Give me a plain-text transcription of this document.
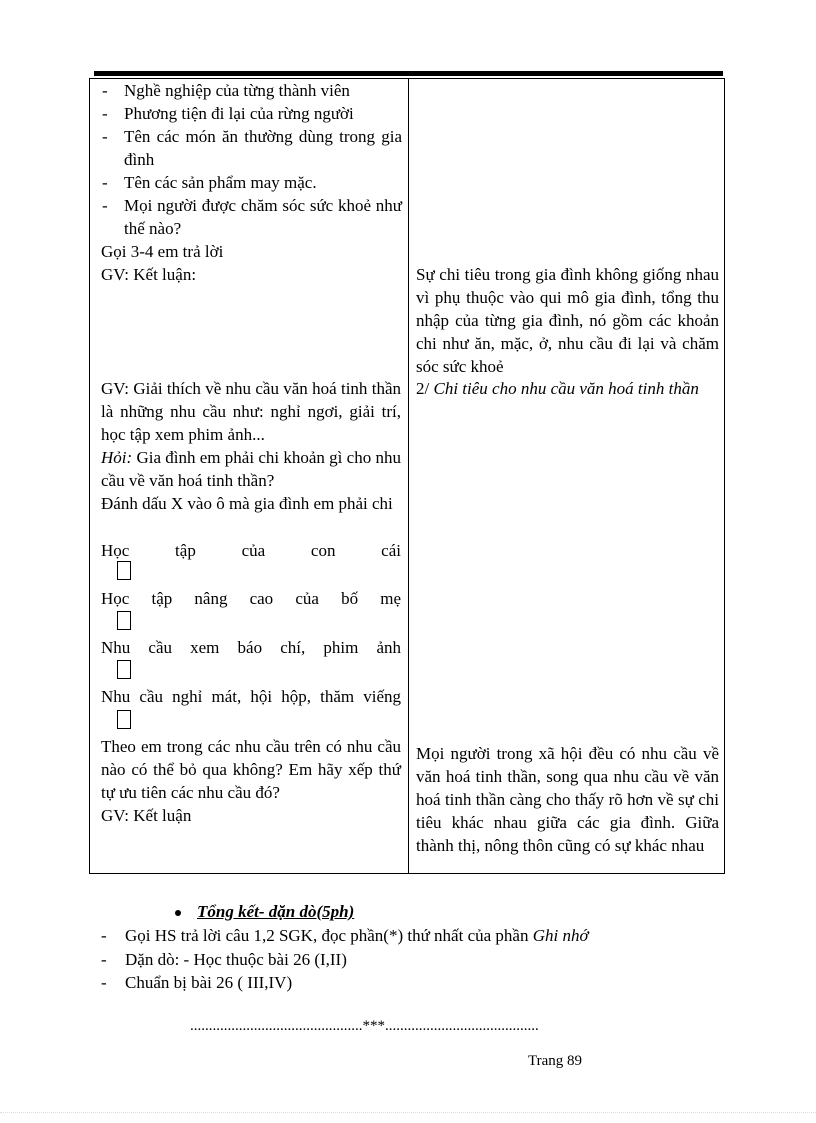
- Nghề nghiệp của từng thành viên
- Phương tiện đi lại của rừng người
- Tên các món ăn thường dùng trong gia đình
- Tên các sản phẩm may mặc.
- Mọi người được chăm sóc sức khoẻ như thế nào?
Gọi 3-4 em trả lời
GV: Kết luận:
GV: Giải thích về nhu cầu văn hoá tinh thần là những nhu cầu như: nghỉ ngơi, giải trí, học tập xem phim ảnh...
Hỏi: Gia đình em phải chi khoản gì cho nhu cầu về văn hoá tinh thần?
Đánh dấu X vào ô mà gia đình em phải chi
Học tập của con cái
Học tập nâng cao của bố mẹ
Nhu cầu xem báo chí, phim ảnh
Nhu cầu nghỉ mát, hội hộp, thăm viếng
Theo em trong các nhu cầu trên có nhu cầu nào có thể bỏ qua không? Em hãy xếp thứ tự ưu tiên các nhu cầu đó?
GV: Kết luận
Sự chi tiêu trong gia đình không giống nhau vì phụ thuộc vào qui mô gia đình, tổng thu nhập của từng gia đình, nó gồm các khoản chi như ăn, mặc, ở, nhu cầu đi lại và chăm sóc sức khoẻ
2/ Chi tiêu cho nhu cầu văn hoá tinh thần
Mọi người trong xã hội đều có nhu cầu về văn hoá tinh thần, song qua nhu cầu về văn hoá tinh thần càng cho thấy rõ hơn về sự chi tiêu khác nhau giữa các gia đình. Giữa thành thị, nông thôn cũng có sự khác nhau
Tổng kết- dặn dò(5ph)
- Gọi HS trả lời câu 1,2 SGK, đọc phần(*) thứ nhất của phần Ghi nhớ
- Dặn dò: - Học thuộc bài 26 (I,II)
- Chuẩn bị bài 26 ( III,IV)
..............................................***.........................................
Trang 89
